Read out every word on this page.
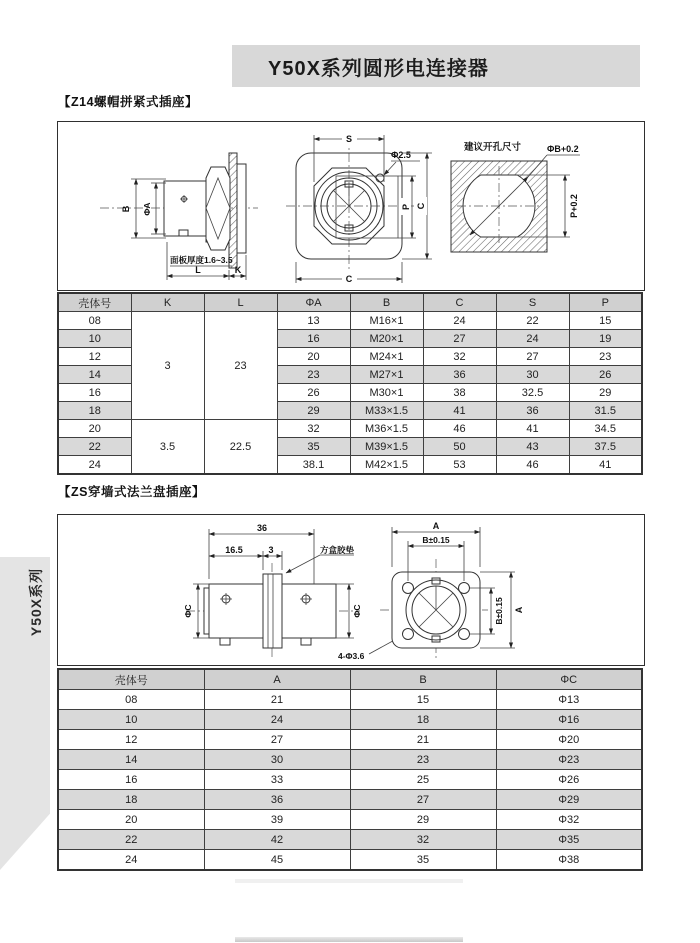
Y50X系列圆形电连接器
【Z14螺帽拼紧式插座】
B ΦA
面板厚度1.6~3.5
L	K
Φ2.5
S
C
P C
建议开孔尺寸	ΦB+0.2
P+0.2
壳体号	K	L	ΦA	B	C	S	P
08	3	23	13	M16×1	24	22	15
10			16	M20×1	27	24	19
12			20	M24×1	32	27	23
14			23	M27×1	36	30	26
16			26	M30×1	38	32.5	29
18			29	M33×1.5	41	36	31.5
20	3.5	22.5	32	M36×1.5	46	41	34.5
22			35	M39×1.5	50	43	37.5
24			38.1	M42×1.5	53	46	41
【ZS穿墙式法兰盘插座】
36
16.5	3	方盒胶垫
ΦC	ΦC
4-Φ3.6
A
B±0.15
B±0.15 A
壳体号	A	B	ΦC
08	21	15	Φ13
10	24	18	Φ16
12	27	21	Φ20
14	30	23	Φ23
16	33	25	Φ26
18	36	27	Φ29
20	39	29	Φ32
22	42	32	Φ35
24	45	35	Φ38
Y50X系列
